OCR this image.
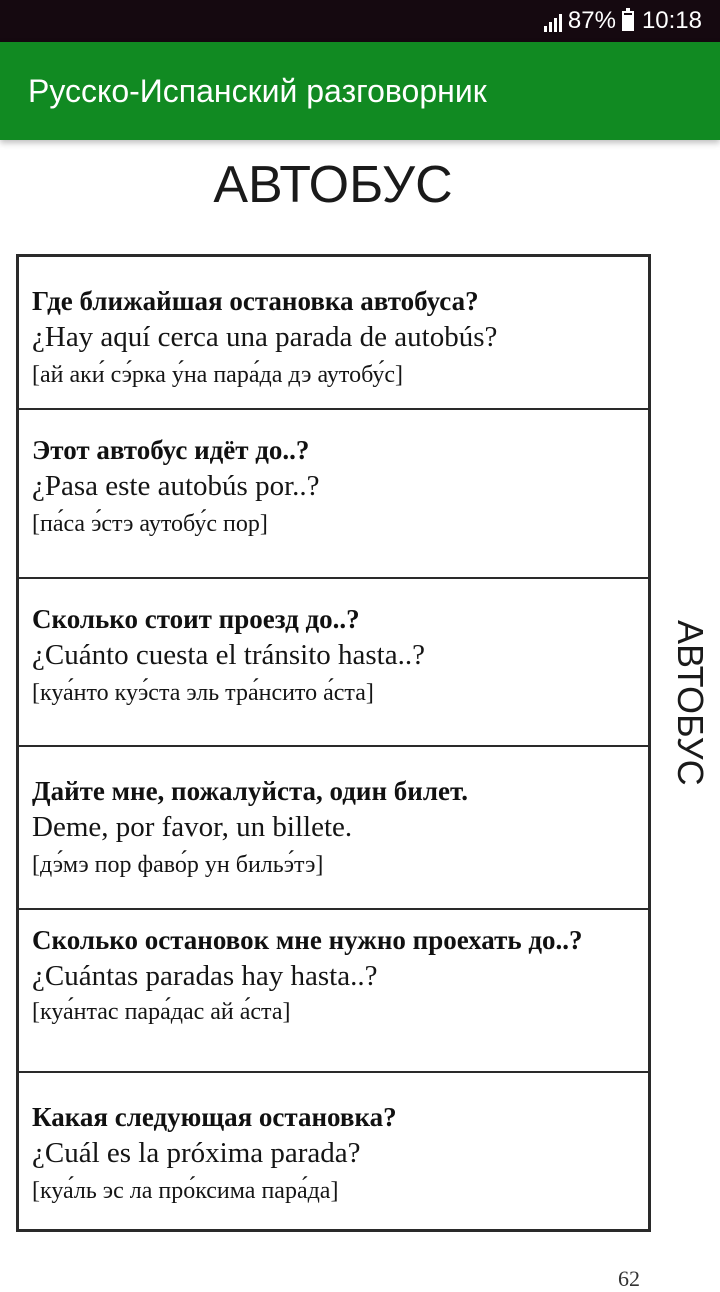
87% 10:18
Русско-Испанский разговорник
АВТОБУС
Где ближайшая остановка автобуса?
¿Hay aquí cerca una parada de autobús?
[ай аки́ сэ́рка у́на пара́да дэ аутобу́с]
Этот автобус идёт до..?
¿Pasa este autobús por..?
[па́са э́стэ аутобу́с пор]
Сколько стоит проезд до..?
¿Cuánto cuesta el tránsito hasta..?
[куа́нто куэ́ста эль тра́нсито а́ста]
Дайте мне, пожалуйста, один билет.
Deme, por favor, un billete.
[дэ́мэ пор фаво́р ун бильэ́тэ]
Сколько остановок мне нужно проехать до..?
¿Cuántas paradas hay hasta..?
[куа́нтас пара́дас ай а́ста]
Какая следующая остановка?
¿Cuál es la próxima parada?
[куа́ль эс ла про́ксима пара́да]
АВТОБУС
62
